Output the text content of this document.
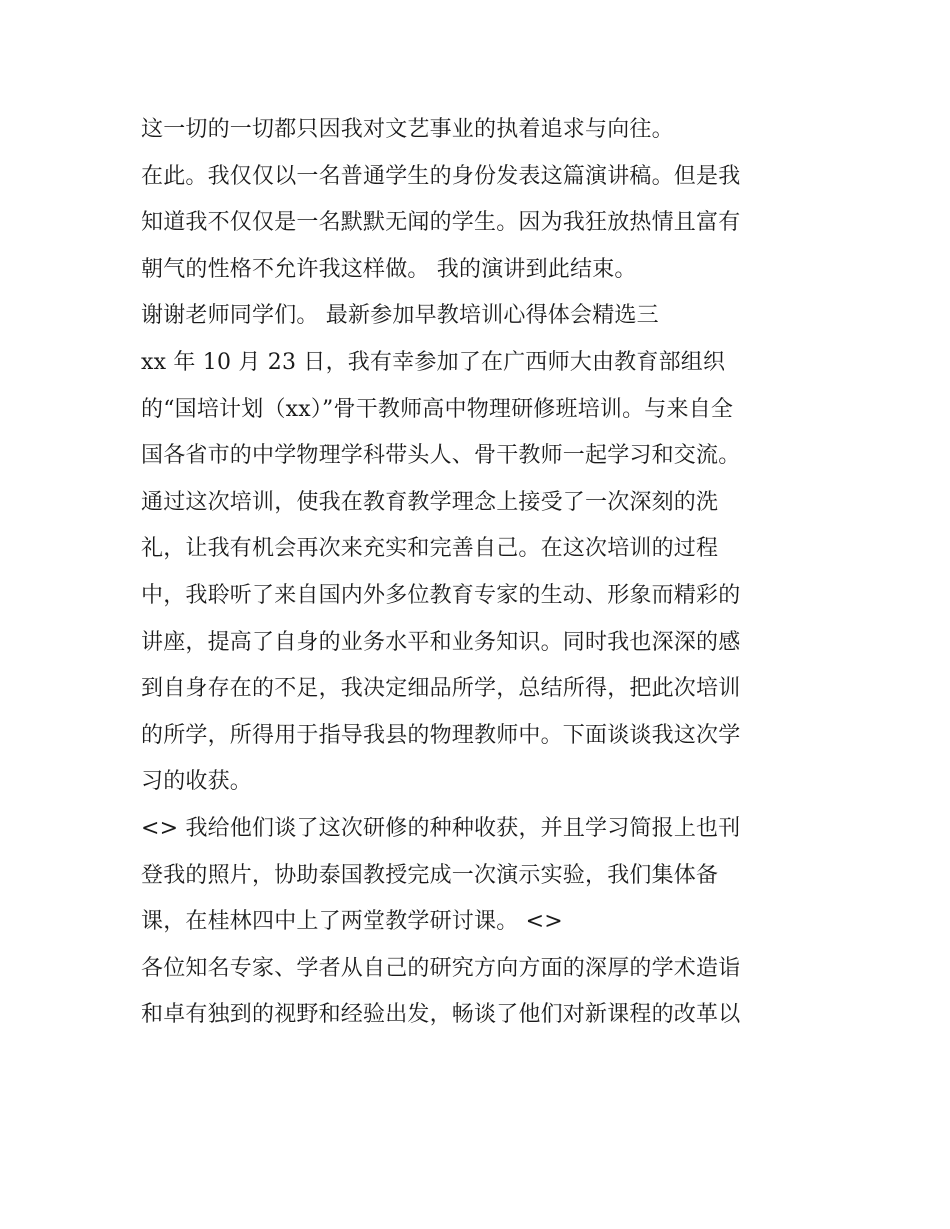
这一切的一切都只因我对文艺事业的执着追求与向往。
在此。我仅仅以一名普通学生的身份发表这篇演讲稿。但是我
知道我不仅仅是一名默默无闻的学生。因为我狂放热情且富有
朝气的性格不允许我这样做。 我的演讲到此结束。
谢谢老师同学们。 最新参加早教培训心得体会精选三
xx 年 10 月 23 日，我有幸参加了在广西师大由教育部组织
的“国培计划（xx）”骨干教师高中物理研修班培训。与来自全
国各省市的中学物理学科带头人、骨干教师一起学习和交流。
通过这次培训，使我在教育教学理念上接受了一次深刻的洗
礼，让我有机会再次来充实和完善自己。在这次培训的过程
中，我聆听了来自国内外多位教育专家的生动、形象而精彩的
讲座，提高了自身的业务水平和业务知识。同时我也深深的感
到自身存在的不足，我决定细品所学，总结所得，把此次培训
的所学，所得用于指导我县的物理教师中。下面谈谈我这次学
习的收获。
<> 我给他们谈了这次研修的种种收获，并且学习简报上也刊
登我的照片，协助泰国教授完成一次演示实验，我们集体备
课，在桂林四中上了两堂教学研讨课。 <>
各位知名专家、学者从自己的研究方向方面的深厚的学术造诣
和卓有独到的视野和经验出发，畅谈了他们对新课程的改革以
